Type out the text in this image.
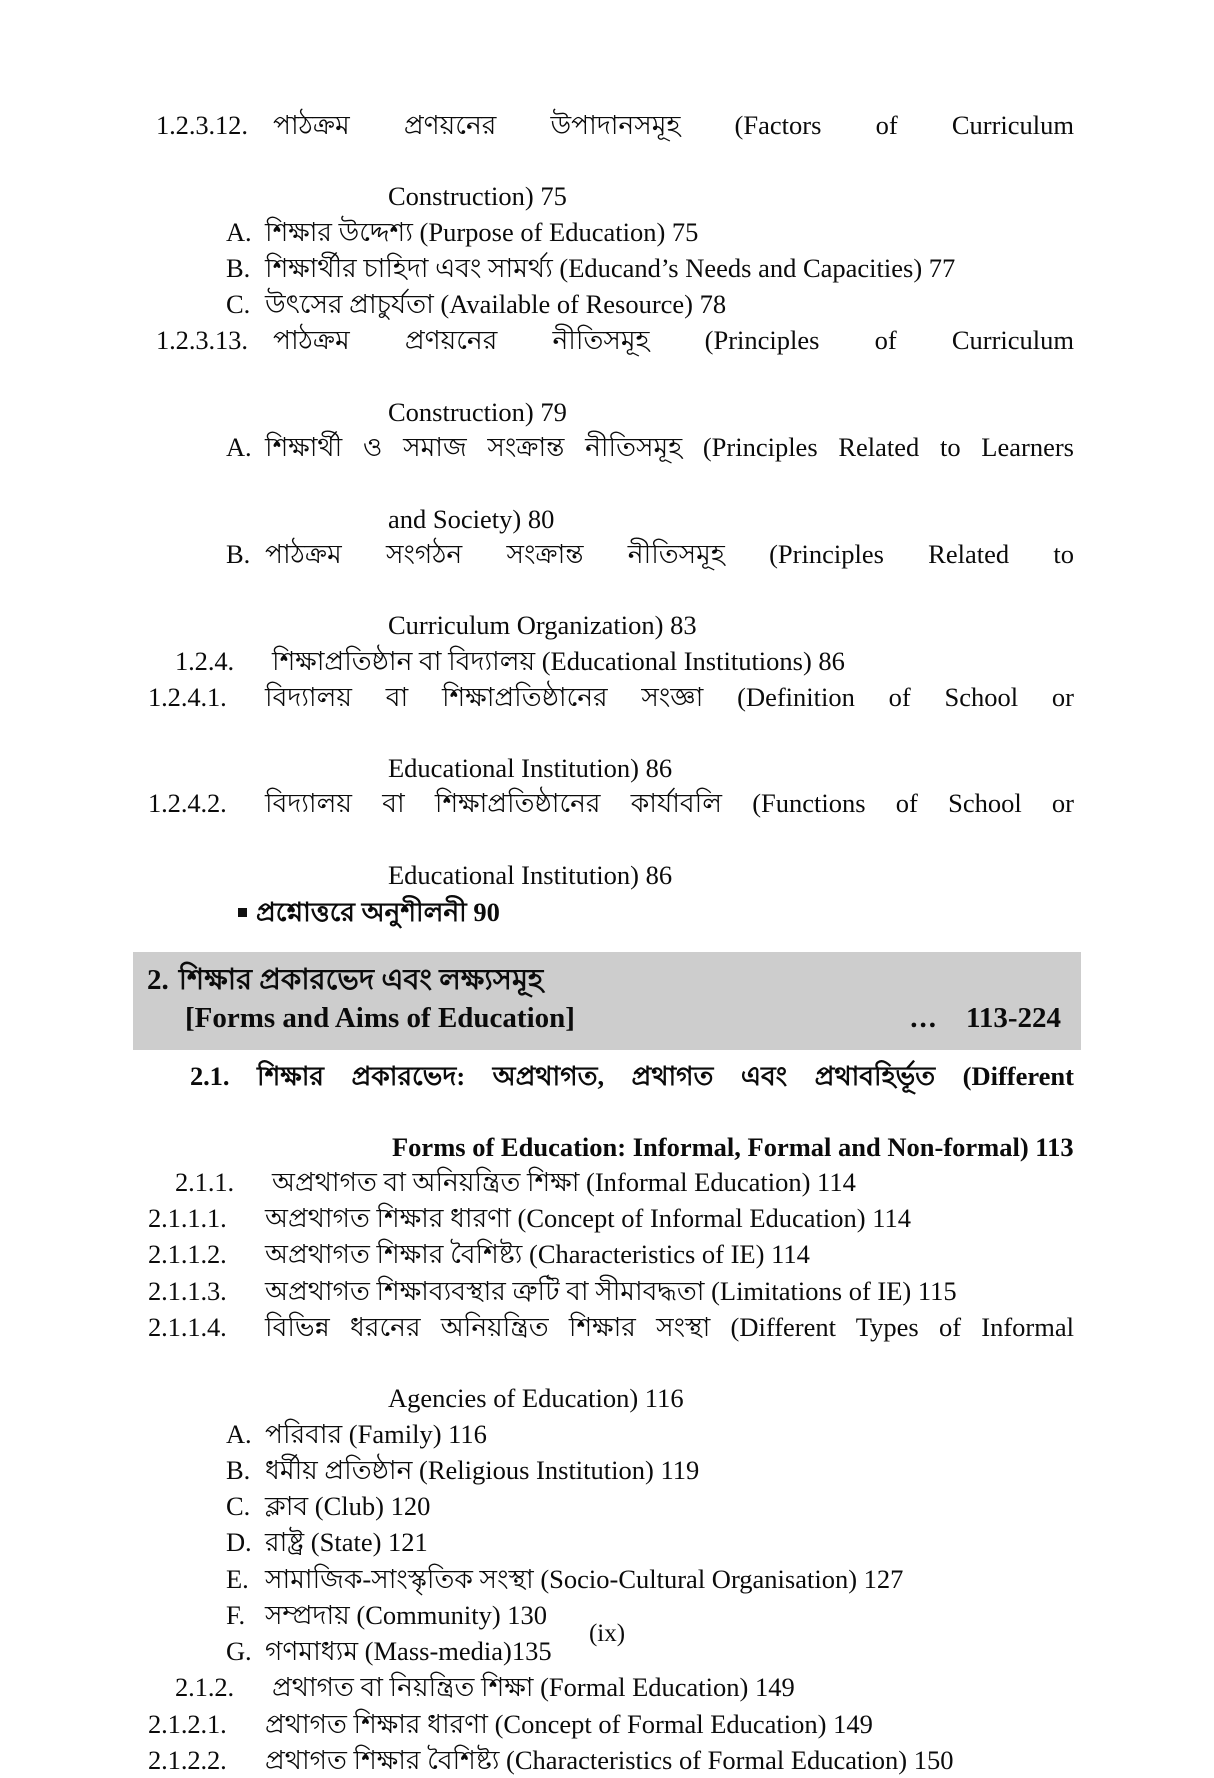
1.2.3.12. পাঠক্রম প্রণয়নের উপাদানসমূহ (Factors of Curriculum
Construction) 75
A. শিক্ষার উদ্দেশ্য (Purpose of Education) 75
B. শিক্ষার্থীর চাহিদা এবং সামর্থ্য (Educand’s Needs and Capacities) 77
C. উৎসের প্রাচুর্যতা (Available of Resource) 78
1.2.3.13. পাঠক্রম প্রণয়নের নীতিসমূহ (Principles of Curriculum
Construction) 79
A. শিক্ষার্থী ও সমাজ সংক্রান্ত নীতিসমূহ (Principles Related to Learners
and Society) 80
B. পাঠক্রম সংগঠন সংক্রান্ত নীতিসমূহ (Principles Related to
Curriculum Organization) 83
1.2.4.	শিক্ষাপ্রতিষ্ঠান বা বিদ্যালয় (Educational Institutions) 86
1.2.4.1.	বিদ্যালয় বা শিক্ষাপ্রতিষ্ঠানের সংজ্ঞা (Definition of School or
Educational Institution) 86
1.2.4.2.	বিদ্যালয় বা শিক্ষাপ্রতিষ্ঠানের কার্যাবলি (Functions of School or
Educational Institution) 86
প্রশ্নোত্তরে অনুশীলনী 90
2. শিক্ষার প্রকারভেদ এবং লক্ষ্যসমূহ
[Forms and Aims of Education]	... 113-224
2.1.	শিক্ষার প্রকারভেদ: অপ্রথাগত, প্রথাগত এবং প্রথাবহির্ভূত (Different
Forms of Education: Informal, Formal and Non-formal) 113
2.1.1.	অপ্রথাগত বা অনিয়ন্ত্রিত শিক্ষা (Informal Education) 114
2.1.1.1.	অপ্রথাগত শিক্ষার ধারণা (Concept of Informal Education) 114
2.1.1.2.	অপ্রথাগত শিক্ষার বৈশিষ্ট্য (Characteristics of IE) 114
2.1.1.3.	অপ্রথাগত শিক্ষাব্যবস্থার ত্রুটি বা সীমাবদ্ধতা (Limitations of IE) 115
2.1.1.4.	বিভিন্ন ধরনের অনিয়ন্ত্রিত শিক্ষার সংস্থা (Different Types of Informal
Agencies of Education) 116
A. পরিবার (Family) 116
B. ধর্মীয় প্রতিষ্ঠান (Religious Institution) 119
C. ক্লাব (Club) 120
D. রাষ্ট্র (State) 121
E. সামাজিক-সাংস্কৃতিক সংস্থা (Socio-Cultural Organisation) 127
F. সম্প্রদায় (Community) 130
G. গণমাধ্যম (Mass-media)135
2.1.2.	প্রথাগত বা নিয়ন্ত্রিত শিক্ষা (Formal Education) 149
2.1.2.1.	প্রথাগত শিক্ষার ধারণা (Concept of Formal Education) 149
2.1.2.2.	প্রথাগত শিক্ষার বৈশিষ্ট্য (Characteristics of Formal Education) 150
(ix)
